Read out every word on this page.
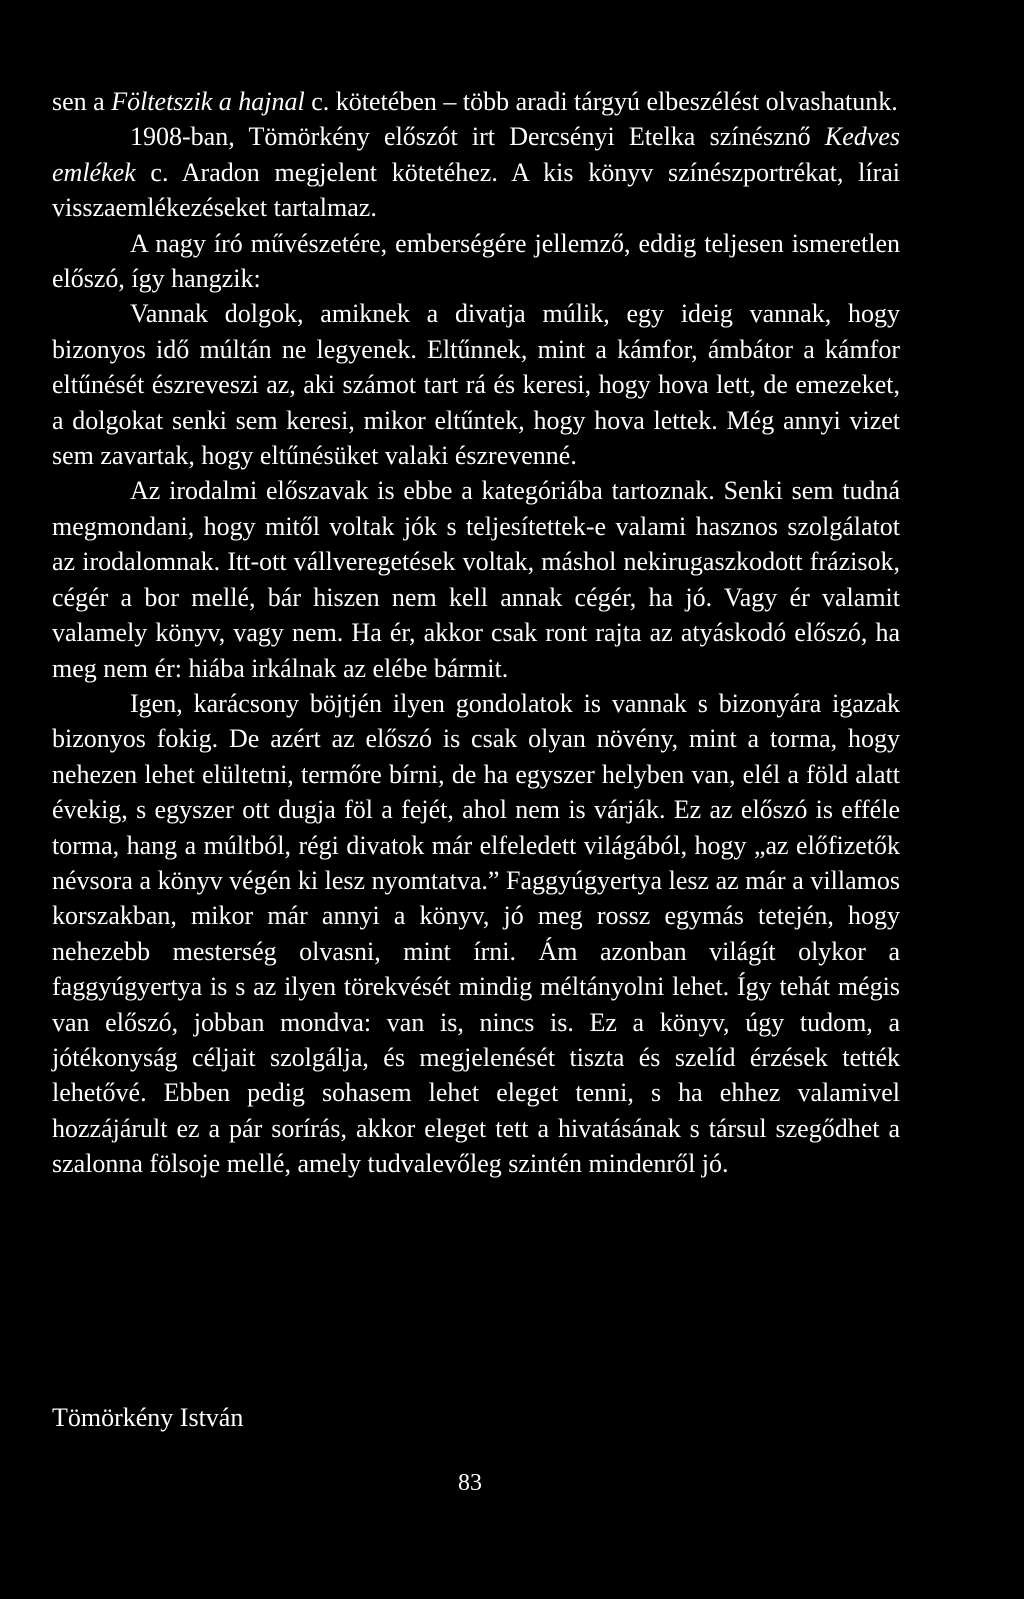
sen a Föltetszik a hajnal c. kötetében – több aradi tárgyú elbeszélést olvashatunk.

1908-ban, Tömörkény előszót irt Dercsényi Etelka színésznő Kedves emlékek c. Aradon megjelent kötetéhez. A kis könyv színészportrékat, lírai visszaemlékezéseket tartalmaz.

A nagy író művészetére, emberségére jellemző, eddig teljesen ismeretlen előszó, így hangzik:

Vannak dolgok, amiknek a divatja múlik, egy ideig vannak, hogy bizonyos idő múltán ne legyenek. Eltűnnek, mint a kámfor, ámbátor a kámfor eltűnését észreveszi az, aki számot tart rá és keresi, hogy hova lett, de emezeket, a dolgokat senki sem keresi, mikor eltűntek, hogy hova lettek. Még annyi vizet sem zavartak, hogy eltűnésüket valaki észrevenné.

Az irodalmi előszavak is ebbe a kategóriába tartoznak. Senki sem tudná megmondani, hogy mitől voltak jók s teljesítettek-e valami hasznos szolgálatot az irodalomnak. Itt-ott vállveregetések voltak, máshol nekirugaszkodott frázisok, cégér a bor mellé, bár hiszen nem kell annak cégér, ha jó. Vagy ér valamit valamely könyv, vagy nem. Ha ér, akkor csak ront rajta az atyáskodó előszó, ha meg nem ér: hiába irkálnak az elébe bármit.

Igen, karácsony böjtjén ilyen gondolatok is vannak s bizonyára igazak bizonyos fokig. De azért az előszó is csak olyan növény, mint a torma, hogy nehezen lehet elültetni, termőre bírni, de ha egyszer helyben van, elél a föld alatt évekig, s egyszer ott dugja föl a fejét, ahol nem is várják. Ez az előszó is efféle torma, hang a múltból, régi divatok már elfeledett világából, hogy „az előfizetők névsora a könyv végén ki lesz nyomtatva.” Faggyúgyertya lesz az már a villamos korszakban, mikor már annyi a könyv, jó meg rossz egymás tetején, hogy nehezebb mesterség olvasni, mint írni. Ám azonban világít olykor a faggyúgyertya is s az ilyen törekvését mindig méltányolni lehet. Így tehát mégis van előszó, jobban mondva: van is, nincs is. Ez a könyv, úgy tudom, a jótékonyság céljait szolgálja, és megjelenését tiszta és szelíd érzések tették lehetővé. Ebben pedig sohasem lehet eleget tenni, s ha ehhez valamivel hozzájárult ez a pár sorírás, akkor eleget tett a hivatásának s társul szegődhet a szalonna fölsoje mellé, amely tudvalevőleg szintén mindenről jó.

Tömörkény István
83
